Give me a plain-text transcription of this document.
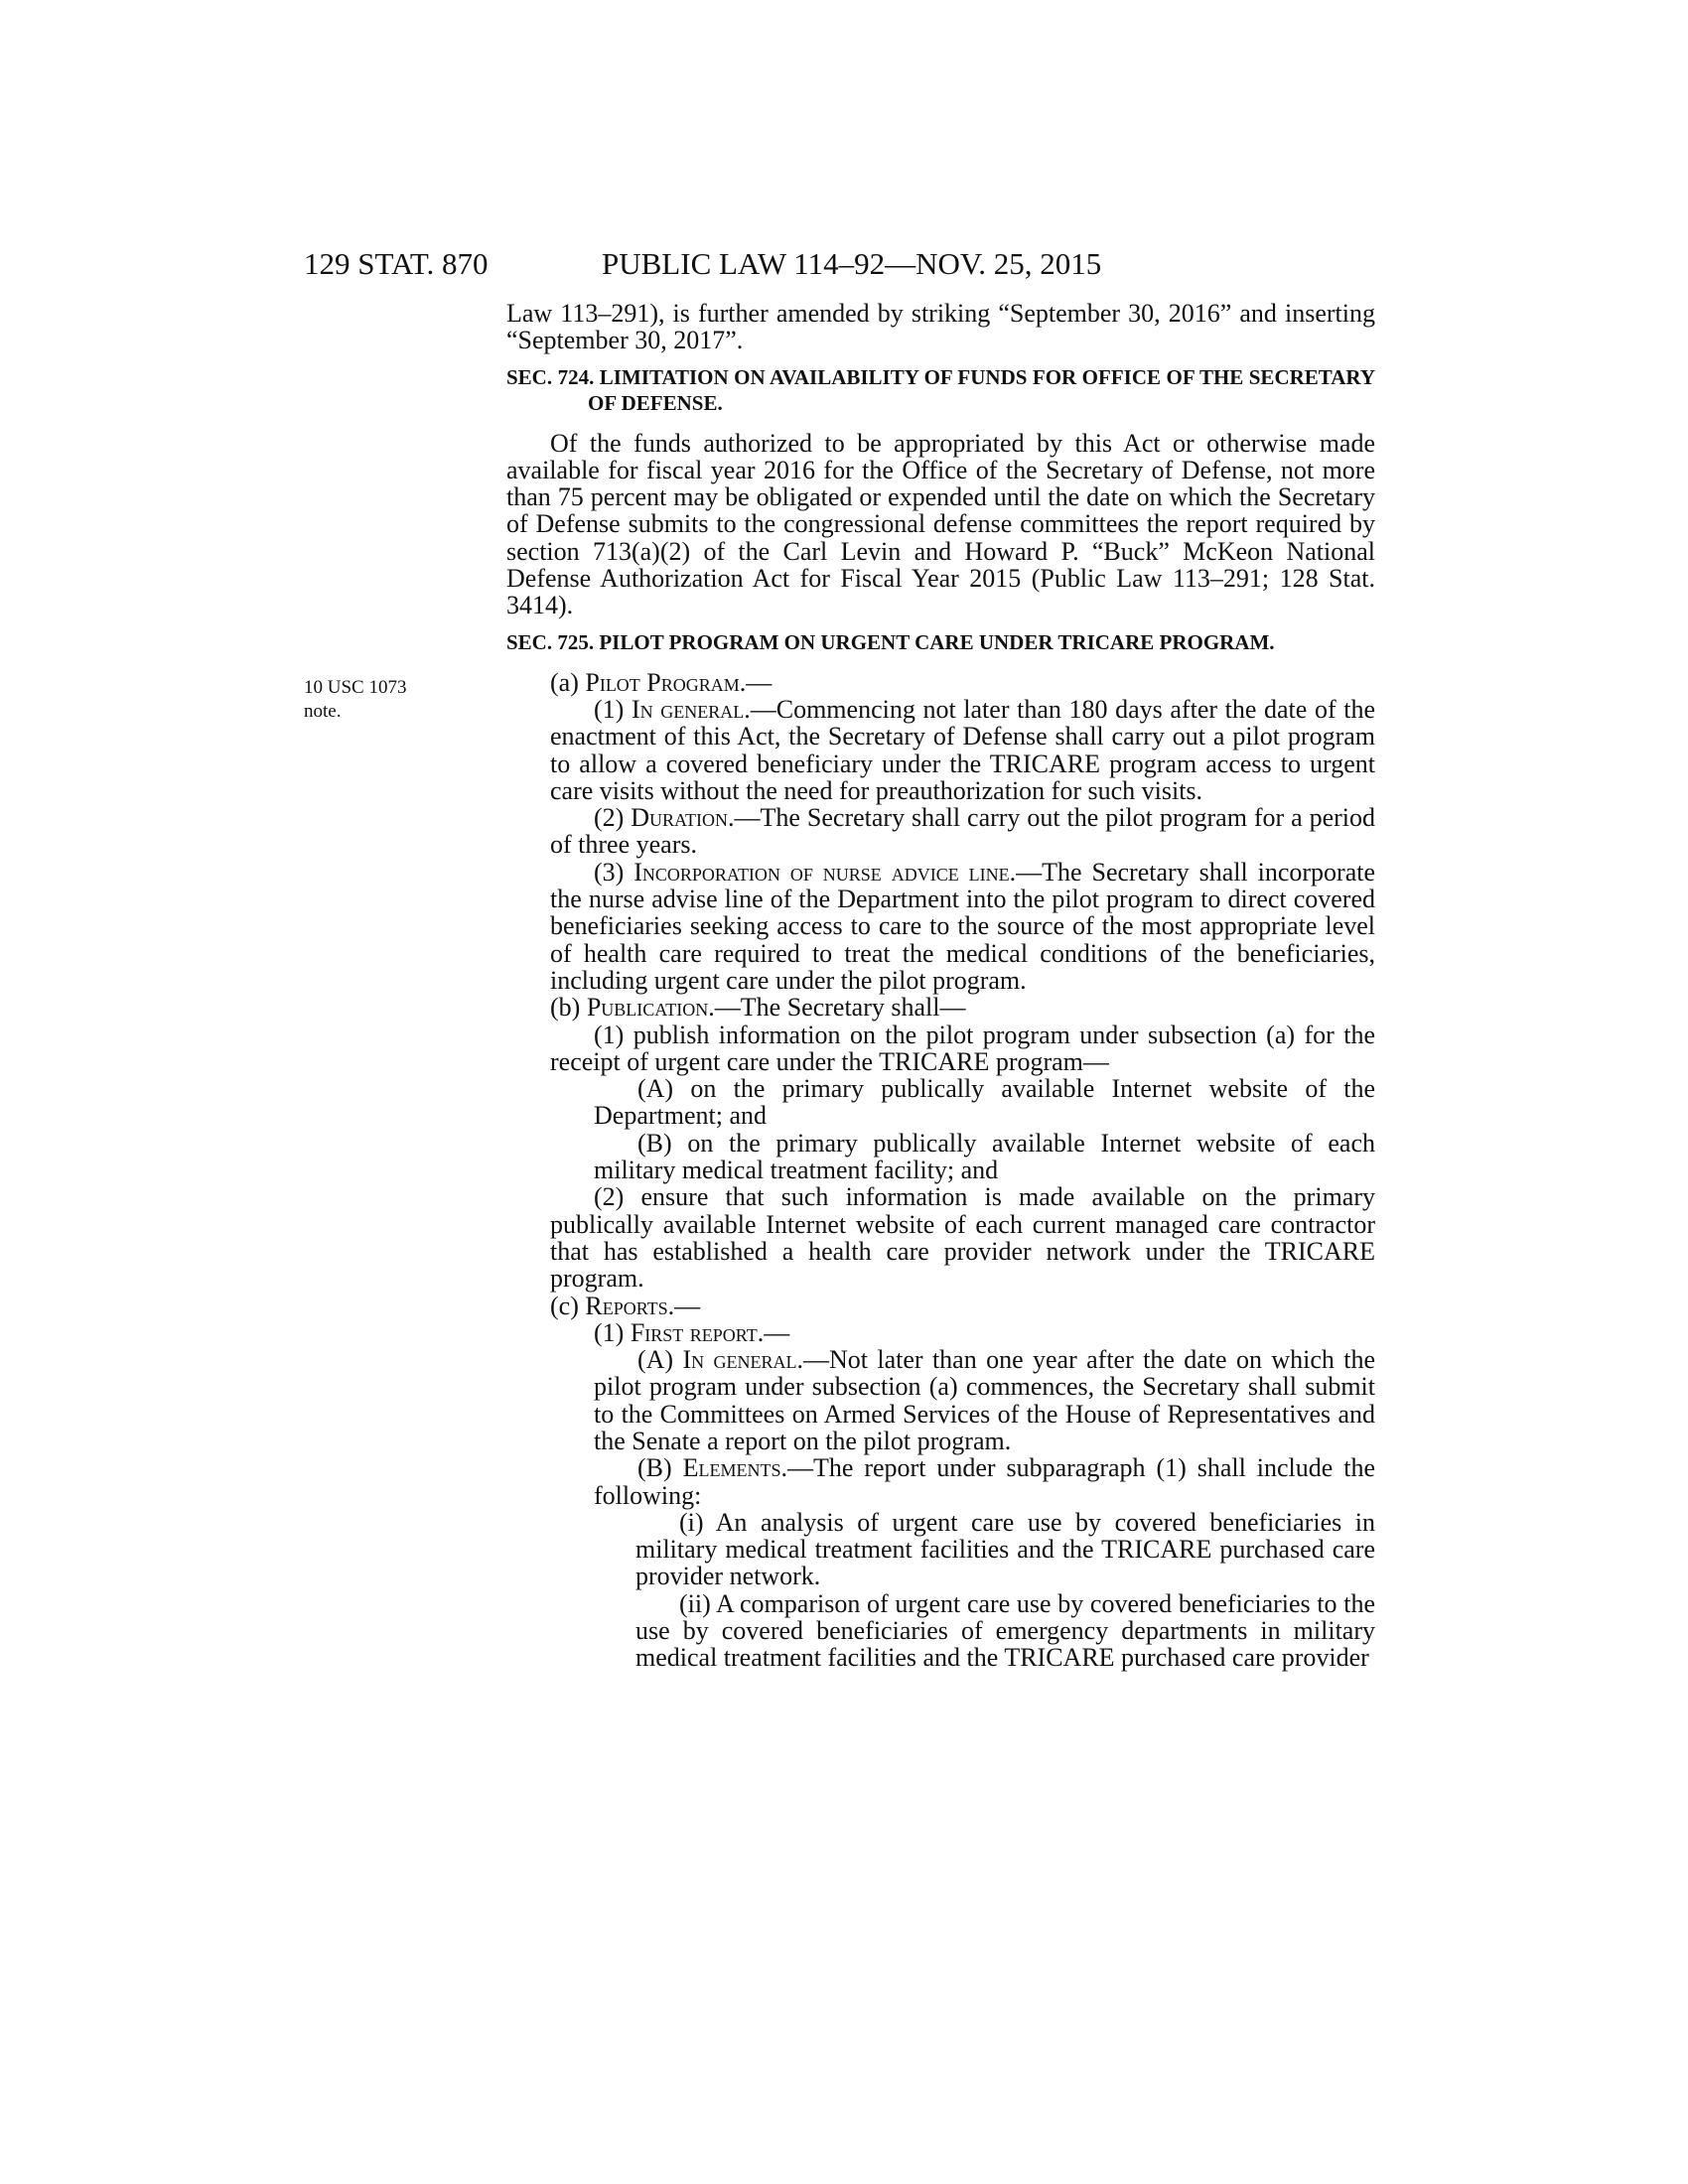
129 STAT. 870	PUBLIC LAW 114–92—NOV. 25, 2015
10 USC 1073
note.

Law 113–291), is further amended by striking “September 30, 2016” and inserting “September 30, 2017”.

SEC. 724. LIMITATION ON AVAILABILITY OF FUNDS FOR OFFICE OF THE SECRETARY OF DEFENSE.

Of the funds authorized to be appropriated by this Act or otherwise made available for fiscal year 2016 for the Office of the Secretary of Defense, not more than 75 percent may be obligated or expended until the date on which the Secretary of Defense submits to the congressional defense committees the report required by section 713(a)(2) of the Carl Levin and Howard P. “Buck” McKeon National Defense Authorization Act for Fiscal Year 2015 (Public Law 113–291; 128 Stat. 3414).

SEC. 725. PILOT PROGRAM ON URGENT CARE UNDER TRICARE PROGRAM.

(a) Pilot Program.—

(1) In general.—Commencing not later than 180 days after the date of the enactment of this Act, the Secretary of Defense shall carry out a pilot program to allow a covered beneficiary under the TRICARE program access to urgent care visits without the need for preauthorization for such visits.

(2) Duration.—The Secretary shall carry out the pilot program for a period of three years.

(3) Incorporation of nurse advice line.—The Secretary shall incorporate the nurse advise line of the Department into the pilot program to direct covered beneficiaries seeking access to care to the source of the most appropriate level of health care required to treat the medical conditions of the beneficiaries, including urgent care under the pilot program.

(b) Publication.—The Secretary shall—

(1) publish information on the pilot program under subsection (a) for the receipt of urgent care under the TRICARE program—

(A) on the primary publically available Internet website of the Department; and

(B) on the primary publically available Internet website of each military medical treatment facility; and

(2) ensure that such information is made available on the primary publically available Internet website of each current managed care contractor that has established a health care provider network under the TRICARE program.

(c) Reports.—

(1) First report.—

(A) In general.—Not later than one year after the date on which the pilot program under subsection (a) commences, the Secretary shall submit to the Committees on Armed Services of the House of Representatives and the Senate a report on the pilot program.

(B) Elements.—The report under subparagraph (1) shall include the following:

(i) An analysis of urgent care use by covered beneficiaries in military medical treatment facilities and the TRICARE purchased care provider network.

(ii) A comparison of urgent care use by covered beneficiaries to the use by covered beneficiaries of emergency departments in military medical treatment facilities and the TRICARE purchased care provider
